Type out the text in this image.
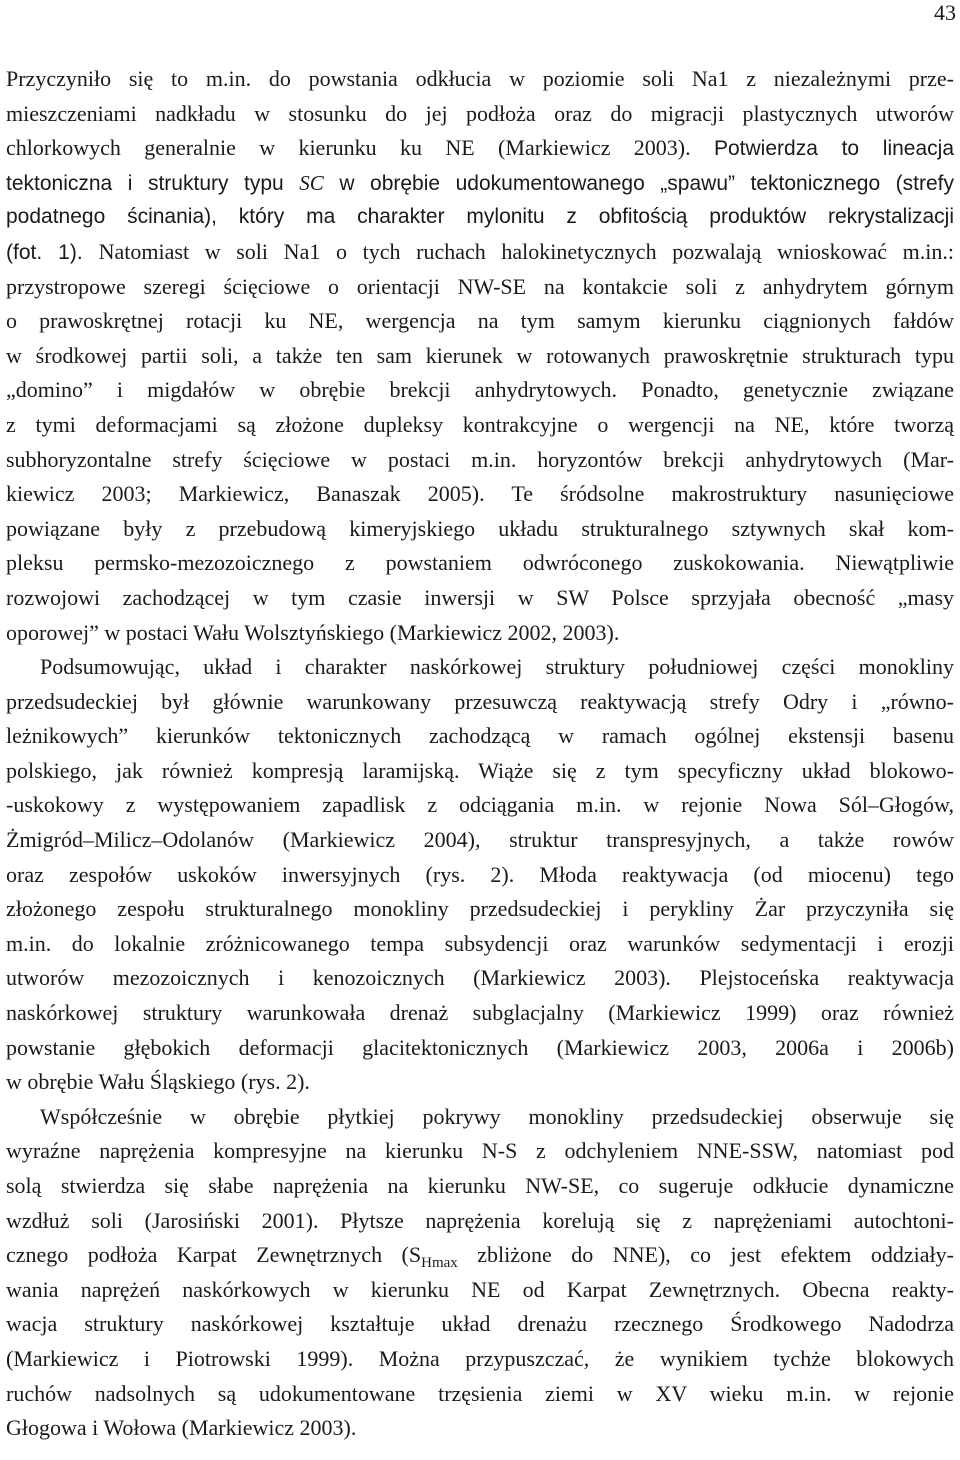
43
Przyczyniło się to m.in. do powstania odkłucia w poziomie soli Na1 z niezależnymi prze-
mieszczeniami nadkładu w stosunku do jej podłoża oraz do migracji plastycznych utworów
chlorkowych generalnie w kierunku ku NE (Markiewicz 2003). Potwierdza to lineacja
tektoniczna i struktury typu SC w obrębie udokumentowanego „spawu” tektonicznego (strefy
podatnego ścinania), który ma charakter mylonitu z obfitością produktów rekrystalizacji
(fot. 1). Natomiast w soli Na1 o tych ruchach halokinetycznych pozwalają wnioskować m.in.:
przystropowe szeregi ścięciowe o orientacji NW-SE na kontakcie soli z anhydrytem górnym
o prawoskrętnej rotacji ku NE, wergencja na tym samym kierunku ciągnionych fałdów
w środkowej partii soli, a także ten sam kierunek w rotowanych prawoskrętnie strukturach typu
„domino” i migdałów w obrębie brekcji anhydrytowych. Ponadto, genetycznie związane
z tymi deformacjami są złożone dupleksy kontrakcyjne o wergencji na NE, które tworzą
subhoryzontalne strefy ścięciowe w postaci m.in. horyzontów brekcji anhydrytowych (Mar-
kiewicz 2003; Markiewicz, Banaszak 2005). Te śródsolne makrostruktury nasunięciowe
powiązane były z przebudową kimeryjskiego układu strukturalnego sztywnych skał kom-
pleksu permsko-mezozoicznego z powstaniem odwróconego zuskokowania. Niewątpliwie
rozwojowi zachodzącej w tym czasie inwersji w SW Polsce sprzyjała obecność „masy
oporowej” w postaci Wału Wolsztyńskiego (Markiewicz 2002, 2003).
Podsumowując, układ i charakter naskórkowej struktury południowej części monokliny
przedsudeckiej był głównie warunkowany przesuwczą reaktywacją strefy Odry i „równo-
leżnikowych” kierunków tektonicznych zachodzącą w ramach ogólnej ekstensji basenu
polskiego, jak również kompresją laramijską. Wiąże się z tym specyficzny układ blokowo-
-uskokowy z występowaniem zapadlisk z odciągania m.in. w rejonie Nowa Sól–Głogów,
Żmigród–Milicz–Odolanów (Markiewicz 2004), struktur transpresyjnych, a także rowów
oraz zespołów uskoków inwersyjnych (rys. 2). Młoda reaktywacja (od miocenu) tego
złożonego zespołu strukturalnego monokliny przedsudeckiej i perykliny Żar przyczyniła się
m.in. do lokalnie zróżnicowanego tempa subsydencji oraz warunków sedymentacji i erozji
utworów mezozoicznych i kenozoicznych (Markiewicz 2003). Plejstoceńska reaktywacja
naskórkowej struktury warunkowała drenaż subglacjalny (Markiewicz 1999) oraz również
powstanie głębokich deformacji glacitektonicznych (Markiewicz 2003, 2006a i 2006b)
w obrębie Wału Śląskiego (rys. 2).
Współcześnie w obrębie płytkiej pokrywy monokliny przedsudeckiej obserwuje się
wyraźne naprężenia kompresyjne na kierunku N-S z odchyleniem NNE-SSW, natomiast pod
solą stwierdza się słabe naprężenia na kierunku NW-SE, co sugeruje odkłucie dynamiczne
wzdłuż soli (Jarosiński 2001). Płytsze naprężenia korelują się z naprężeniami autochtoni-
cznego podłoża Karpat Zewnętrznych ($S_{Hmax}$ zbliżone do NNE), co jest efektem oddziały-
wania naprężeń naskórkowych w kierunku NE od Karpat Zewnętrznych. Obecna reakty-
wacja struktury naskórkowej kształtuje układ drenażu rzecznego Środkowego Nadodrza
(Markiewicz i Piotrowski 1999). Można przypuszczać, że wynikiem tychże blokowych
ruchów nadsolnych są udokumentowane trzęsienia ziemi w XV wieku m.in. w rejonie
Głogowa i Wołowa (Markiewicz 2003).
